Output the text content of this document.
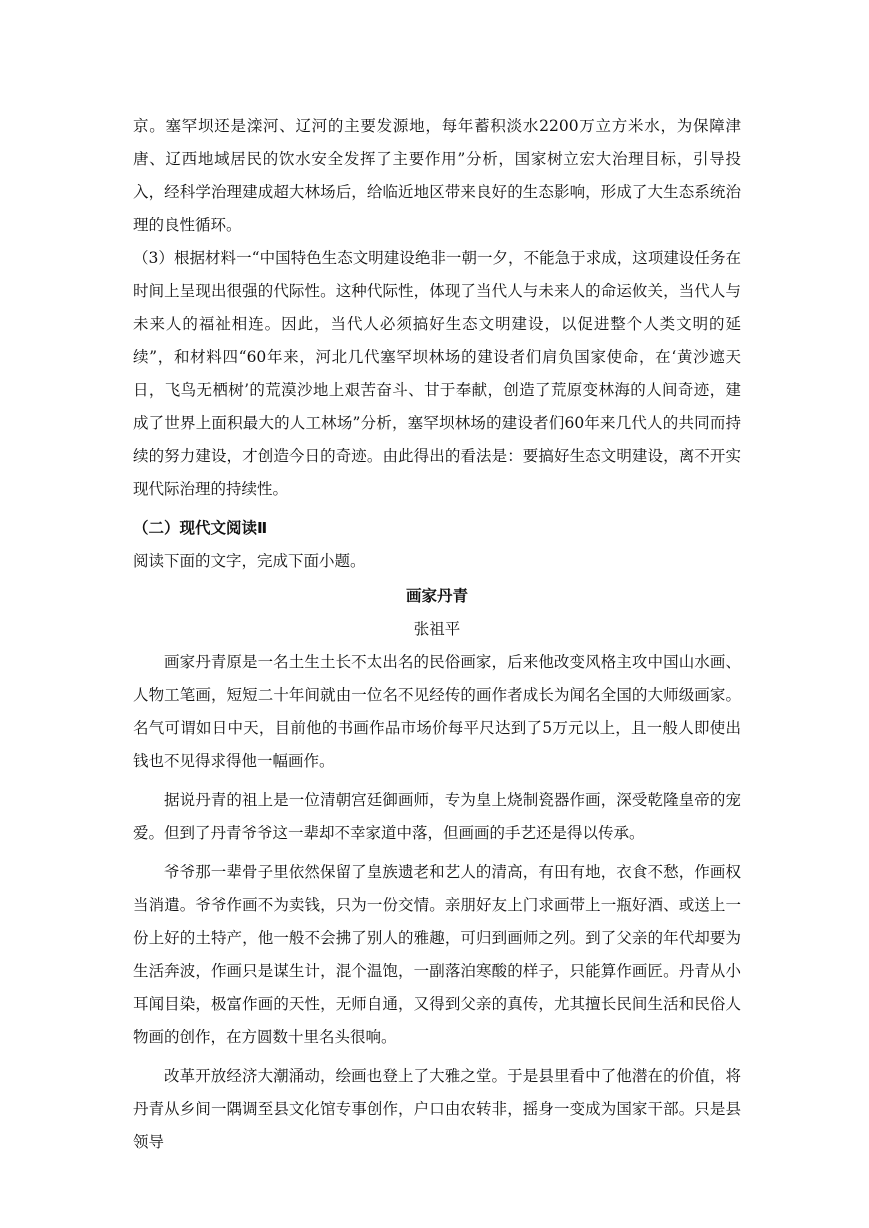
京。塞罕坝还是滦河、辽河的主要发源地，每年蓄积淡水2200万立方米水，为保障津唐、辽西地域居民的饮水安全发挥了主要作用”分析，国家树立宏大治理目标，引导投入，经科学治理建成超大林场后，给临近地区带来良好的生态影响，形成了大生态系统治理的良性循环。

（3）根据材料一“中国特色生态文明建设绝非一朝一夕，不能急于求成，这项建设任务在时间上呈现出很强的代际性。这种代际性，体现了当代人与未来人的命运攸关，当代人与未来人的福祉相连。因此，当代人必须搞好生态文明建设，以促进整个人类文明的延续”，和材料四“60年来，河北几代塞罕坝林场的建设者们肩负国家使命，在‘黄沙遮天日，飞鸟无栖树’的荒漠沙地上艰苦奋斗、甘于奉献，创造了荒原变林海的人间奇迹，建成了世界上面积最大的人工林场”分析，塞罕坝林场的建设者们60年来几代人的共同而持续的努力建设，才创造今日的奇迹。由此得出的看法是：要搞好生态文明建设，离不开实现代际治理的持续性。

（二）现代文阅读Ⅱ

阅读下面的文字，完成下面小题。

画家丹青

张祖平

画家丹青原是一名土生土长不太出名的民俗画家，后来他改变风格主攻中国山水画、人物工笔画，短短二十年间就由一位名不见经传的画作者成长为闻名全国的大师级画家。名气可谓如日中天，目前他的书画作品市场价每平尺达到了5万元以上，且一般人即使出钱也不见得求得他一幅画作。

据说丹青的祖上是一位清朝宫廷御画师，专为皇上烧制瓷器作画，深受乾隆皇帝的宠爱。但到了丹青爷爷这一辈却不幸家道中落，但画画的手艺还是得以传承。

爷爷那一辈骨子里依然保留了皇族遗老和艺人的清高，有田有地，衣食不愁，作画权当消遣。爷爷作画不为卖钱，只为一份交情。亲朋好友上门求画带上一瓶好酒、或送上一份上好的土特产，他一般不会拂了别人的雅趣，可归到画师之列。到了父亲的年代却要为生活奔波，作画只是谋生计，混个温饱，一副落泊寒酸的样子，只能算作画匠。丹青从小耳闻目染，极富作画的天性，无师自通，又得到父亲的真传，尤其擅长民间生活和民俗人物画的创作，在方圆数十里名头很响。

改革开放经济大潮涌动，绘画也登上了大雅之堂。于是县里看中了他潜在的价值，将丹青从乡间一隅调至县文化馆专事创作，户口由农转非，摇身一变成为国家干部。只是县领导
